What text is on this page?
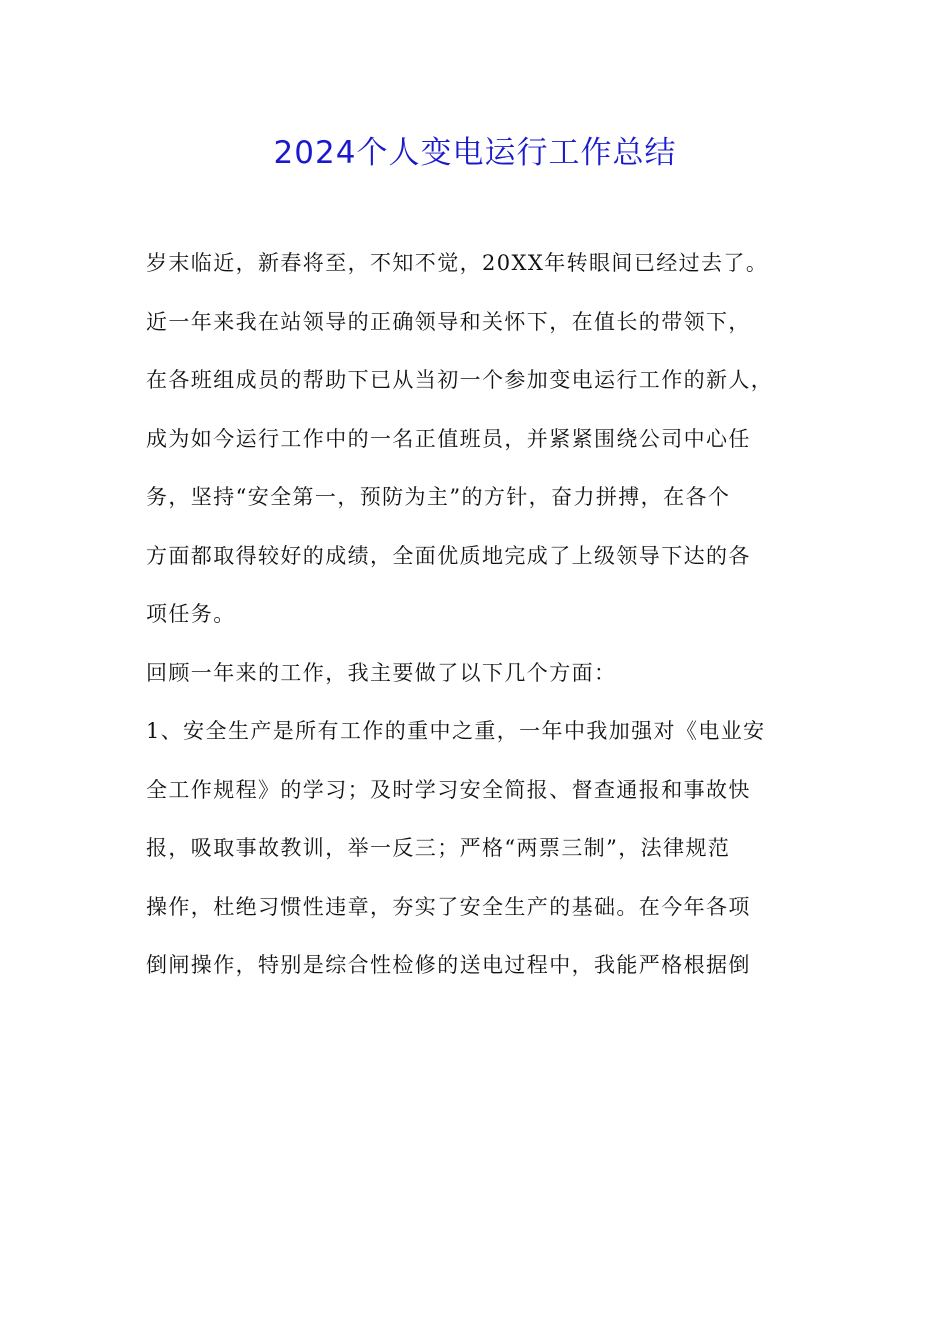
2024个人变电运行工作总结
岁末临近，新春将至，不知不觉，20XX年转眼间已经过去了。
近一年来我在站领导的正确领导和关怀下，在值长的带领下，
在各班组成员的帮助下已从当初一个参加变电运行工作的新人，
成为如今运行工作中的一名正值班员，并紧紧围绕公司中心任
务，坚持“安全第一，预防为主”的方针，奋力拼搏，在各个
方面都取得较好的成绩，全面优质地完成了上级领导下达的各
项任务。
回顾一年来的工作，我主要做了以下几个方面：
1、安全生产是所有工作的重中之重，一年中我加强对《电业安
全工作规程》的学习；及时学习安全简报、督查通报和事故快
报，吸取事故教训，举一反三；严格“两票三制”，法律规范
操作，杜绝习惯性违章，夯实了安全生产的基础。在今年各项
倒闸操作，特别是综合性检修的送电过程中，我能严格根据倒
